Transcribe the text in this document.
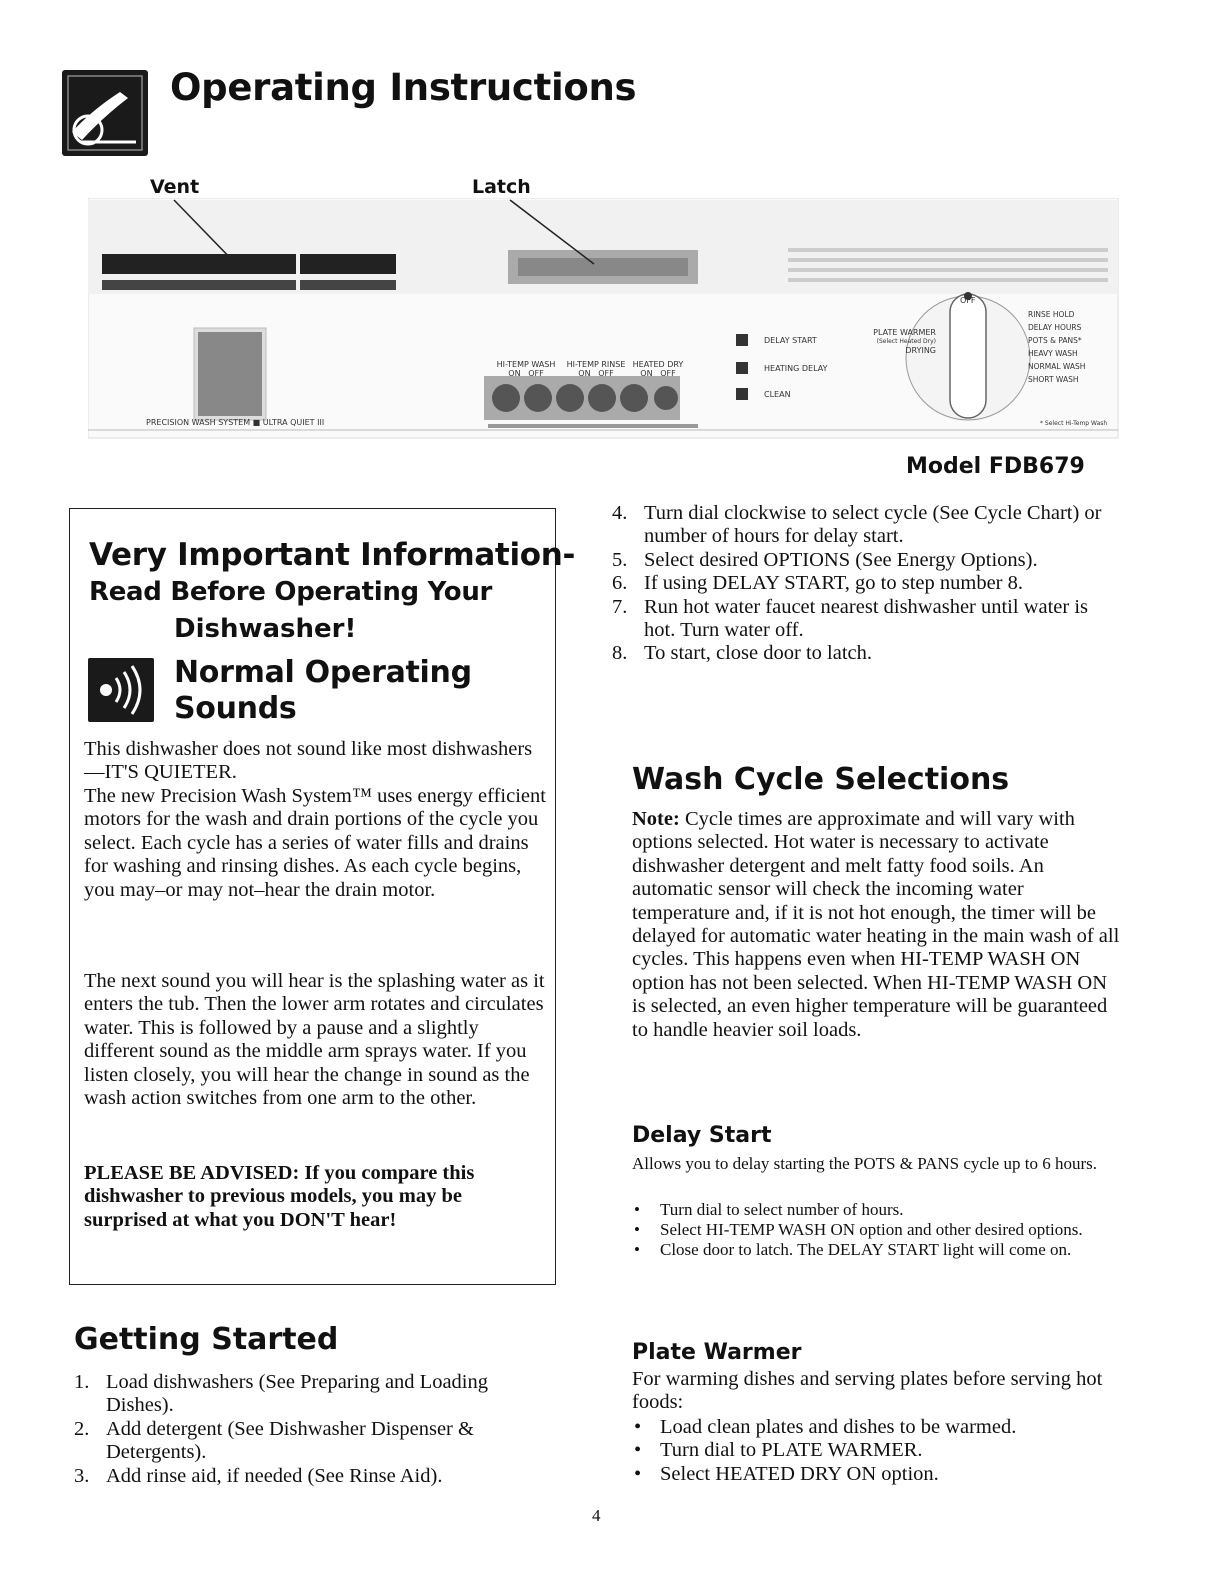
Operating Instructions
Vent	Latch
PRECISION WASH SYSTEM ■ ULTRA QUIET III
HI-TEMP WASH
ON OFF
HI-TEMP RINSE
ON OFF
HEATED DRY
ON OFF
DELAY START
HEATING DELAY
CLEAN
PLATE WARMER
(Select Heated Dry)
DRYING
OFF
RINSE HOLD
DELAY HOURS
POTS & PANS*
HEAVY WASH
NORMAL WASH
SHORT WASH
* Select Hi-Temp Wash
Model FDB679
Very Important Information-
Read Before Operating Your
Dishwasher!
Normal Operating
Sounds
This dishwasher does not sound like most dishwashers—IT'S QUIETER.
The new Precision Wash System™ uses energy efficient motors for the wash and drain portions of the cycle you select. Each cycle has a series of water fills and drains for washing and rinsing dishes. As each cycle begins, you may–or may not–hear the drain motor.
The next sound you will hear is the splashing water as it enters the tub. Then the lower arm rotates and circulates water. This is followed by a pause and a slightly different sound as the middle arm sprays water. If you listen closely, you will hear the change in sound as the wash action switches from one arm to the other.
PLEASE BE ADVISED: If you compare this dishwasher to previous models, you may be surprised at what you DON'T hear!
Getting Started
1. Load dishwashers (See Preparing and Loading Dishes).
2. Add detergent (See Dishwasher Dispenser & Detergents).
3. Add rinse aid, if needed (See Rinse Aid).
4. Turn dial clockwise to select cycle (See Cycle Chart) or number of hours for delay start.
5. Select desired OPTIONS (See Energy Options).
6. If using DELAY START, go to step number 8.
7. Run hot water faucet nearest dishwasher until water is hot. Turn water off.
8. To start, close door to latch.
Wash Cycle Selections
Note: Cycle times are approximate and will vary with options selected. Hot water is necessary to activate dishwasher detergent and melt fatty food soils. An automatic sensor will check the incoming water temperature and, if it is not hot enough, the timer will be delayed for automatic water heating in the main wash of all cycles. This happens even when HI-TEMP WASH ON option has not been selected. When HI-TEMP WASH ON is selected, an even higher temperature will be guaranteed to handle heavier soil loads.
Delay Start
Allows you to delay starting the POTS & PANS cycle up to 6 hours.
• Turn dial to select number of hours.
• Select HI-TEMP WASH ON option and other desired options.
• Close door to latch. The DELAY START light will come on.
Plate Warmer
For warming dishes and serving plates before serving hot foods:
• Load clean plates and dishes to be warmed.
• Turn dial to PLATE WARMER.
• Select HEATED DRY ON option.
4
